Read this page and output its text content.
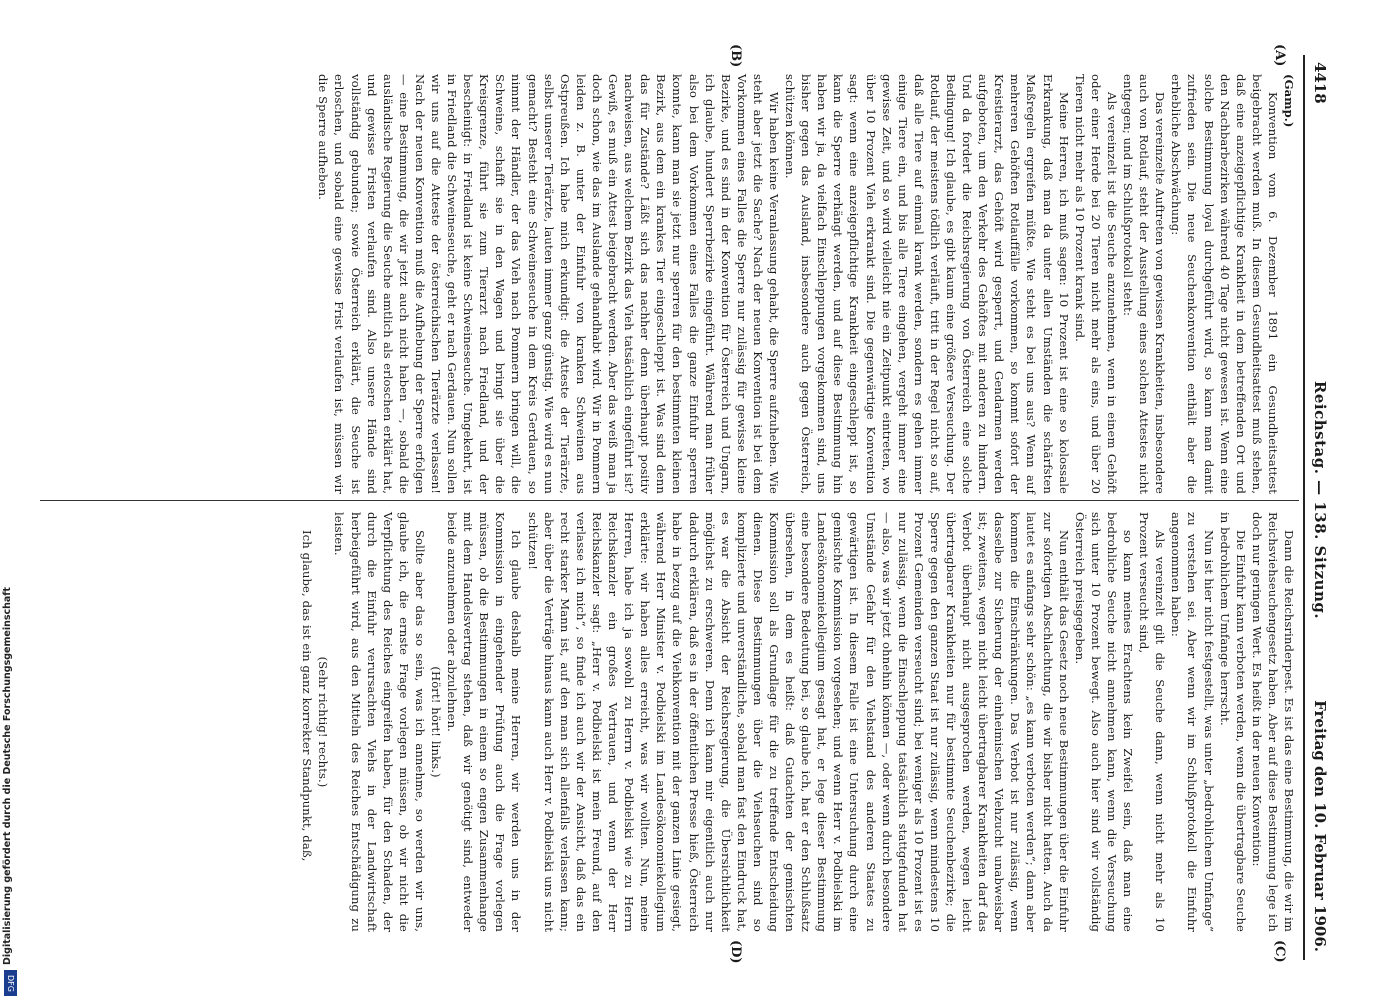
4418
Reichstag. — 138. Sitzung.
Freitag den 10. Februar 1906.
(A)
(B)
(C)
(D)

(Gamp.)

Konvention vom 6. Dezember 1891 ein Gesundheitsattest beigebracht werden muß. In diesem Gesundheitsattest muß stehen, daß eine anzeigepflichtige Krankheit in dem betreffenden Ort und den Nachbarbezirken während 40 Tage nicht gewesen ist. Wenn eine solche Bestimmung loyal durchgeführt wird, so kann man damit zufrieden sein. Die neue Seuchenkonvention enthält aber die erhebliche Abschwächung:

Das vereinzelte Auftreten von gewissen Krankheiten, insbesondere auch von Rotlauf, steht der Ausstellung eines solchen Attestes nicht entgegen; und im Schlußprotokoll steht:

Als vereinzelt ist die Seuche anzunehmen, wenn in einem Gehöft oder einer Herde bei 20 Tieren nicht mehr als eins, und über 20 Tieren nicht mehr als 10 Prozent krank sind.

Meine Herren, ich muß sagen: 10 Prozent ist eine so kolossale Erkrankung, daß man da unter allen Umständen die schärfsten Maßregeln ergreifen müßte. Wie steht es bei uns aus? Wenn auf mehreren Gehöften Rotlauffälle vorkommen, so kommt sofort der Kreistierarzt, das Gehöft wird gesperrt, und Gendarmen werden aufgeboten, um den Verkehr des Gehöftes mit anderen zu hindern. Und da fordert die Reichsregierung von Österreich eine solche Bedingung! Ich glaube, es gibt kaum eine größere Verseuchung. Der Rotlauf, der meistens tödlich verläuft, tritt in der Regel nicht so auf, daß alle Tiere auf einmal krank werden, sondern es gehen immer einige Tiere ein, und bis alle Tiere eingehen, vergeht immer eine gewisse Zeit, und so wird vielleicht nie ein Zeitpunkt eintreten, wo über 10 Prozent Vieh erkrankt sind. Die gegenwärtige Konvention sagt: wenn eine anzeigepflichtige Krankheit eingeschleppt ist, so kann die Sperre verhängt werden, und auf diese Bestimmung hin haben wir ja, da vielfach Einschleppungen vorgekommen sind, uns bisher gegen das Ausland, insbesondere auch gegen Österreich, schützen können.

Wir haben keine Veranlassung gehabt, die Sperre aufzuheben. Wie steht aber jetzt die Sache? Nach der neuen Konvention ist bei dem Vorkommen eines Falles die Sperre nur zulässig für gewisse kleine Bezirke, und es sind in der Konvention für Österreich und Ungarn, ich glaube, hundert Sperrbezirke eingeführt. Während man früher also bei dem Vorkommen eines Falles die ganze Einfuhr sperren konnte, kann man sie jetzt nur sperren für den bestimmten kleinen Bezirk, aus dem ein krankes Tier eingeschleppt ist. Was sind denn das für Zustände? Läßt sich das nachher denn überhaupt positiv nachweisen, aus welchem Bezirk das Vieh tatsächlich eingeführt ist? Gewiß, es muß ein Attest beigebracht werden. Aber das weiß man ja doch schon, wie das im Auslande gehandhabt wird. Wir in Pommern leiden z. B. unter der Einfuhr von kranken Schweinen aus Ostpreußen. Ich habe mich erkundigt: die Atteste der Tierärzte, selbst unserer Tierärzte, lauten immer ganz günstig. Wie wird es nun gemacht? Besteht eine Schweineseuche in dem Kreis Gerdauen, so nimmt der Händler, der das Vieh nach Pommern bringen will, die Schweine, schafft sie in den Wagen und bringt sie über die Kreisgrenze, führt sie zum Tierarzt nach Friedland, und der bescheinigt: in Friedland ist keine Schweineseuche. Umgekehrt, ist in Friedland die Schweineseuche, geht er nach Gerdauen. Nun sollen wir uns auf die Atteste der österreichischen Tierärzte verlassen! Nach der neuen Konvention muß die Aufhebung der Sperre erfolgen — eine Bestimmung, die wir jetzt auch nicht haben —, sobald die ausländische Regierung die Seuche amtlich als erloschen erklärt hat, und gewisse Fristen verlaufen sind. Also unsere Hände sind vollständig gebunden; sowie Österreich erklärt, die Seuche ist erloschen, und sobald eine gewisse Frist verlaufen ist, müssen wir die Sperre aufheben.

Dann die Reichsrinderpest. Es ist das eine Bestimmung, die wir im Reichsviehseuchengesetz haben. Aber auf diese Bestimmung lege ich doch nur geringen Wert. Es heißt in der neuen Konvention:

Die Einfuhr kann verboten werden, wenn die übertragbare Seuche in bedrohlichem Umfange herrscht.

Nun ist hier nicht festgestellt, was unter „bedrohlichem Umfange“ zu verstehen sei. Aber wenn wir im Schlußprotokoll die Einfuhr angenommen haben:

Als vereinzelt gilt die Seuche dann, wenn nicht mehr als 10 Prozent verseucht sind,

so kann meines Erachtens kein Zweifel sein, daß man eine bedrohliche Seuche nicht annehmen kann, wenn die Verseuchung sich unter 10 Prozent bewegt. Also auch hier sind wir vollständig Österreich preisgegeben.

Nun enthält das Gesetz noch neue Bestimmungen über die Einfuhr zur sofortigen Abschlachtung, die wir bisher nicht hatten. Auch da lautet es anfangs sehr schön: „es kann verboten werden“; dann aber kommen die Einschränkungen. Das Verbot ist nur zulässig, wenn dasselbe zur Sicherung der einheimischen Viehzucht unabweisbar ist; zweitens, wegen nicht leicht übertragbarer Krankheiten darf das Verbot überhaupt nicht ausgesprochen werden, wegen leicht übertragbarer Krankheiten nur für bestimmte Seuchenbezirke; die Sperre gegen den ganzen Staat ist nur zulässig, wenn mindestens 10 Prozent Gemeinden verseucht sind; bei weniger als 10 Prozent ist es nur zulässig, wenn die Einschleppung tatsächlich stattgefunden hat — also, was wir jetzt ohnehin können —, oder wenn durch besondere Umstände Gefahr für den Viehstand des anderen Staates zu gewärtigen ist. In diesem Falle ist eine Untersuchung durch eine gemischte Kommission vorgesehen; und wenn Herr v. Podbielski im Landesökonomiekollegium gesagt hat, er lege dieser Bestimmung eine besondere Bedeutung bei, so glaube ich, hat er den Schlußsatz übersehen, in dem es heißt: daß Gutachten der gemischten Kommission soll als Grundlage für die zu treffende Entscheidung dienen. Diese Bestimmungen über die Viehseuchen sind so komplizierte und unverständliche, sobald man fast den Eindruck hat, es war die Absicht der Reichsregierung, die Übersichtlichkeit möglichst zu erschweren. Denn ich kann mir eigentlich auch nur dadurch erklären, daß es in der öffentlichen Presse hieß, Österreich habe in bezug auf die Viehkonvention mit der ganzen Linie gesiegt, während Herr Minister v. Podbielski im Landesökonomiekollegium erklärte: wir haben alles erreicht, was wir wollten. Nun, meine Herren, habe ich ja sowohl zu Herrn v. Podbielski wie zu Herrn Reichskanzler ein großes Vertrauen, und wenn der Herr Reichskanzler sagt: „Herr v. Podbielski ist mein Freund, auf den verlasse ich mich“, so finde ich auch wir der Ansicht, daß das ein recht starker Mann ist, auf den man sich allenfalls verlassen kann; aber über die Verträge hinaus kann auch Herr v. Podbielski uns nicht schützen!

Ich glaube deshalb meine Herren, wir werden uns in der Kommission in eingehender Prüfung auch die Frage vorlegen müssen, ob die Bestimmungen in einem so engen Zusammenhange mit dem Handelsvertrag stehen, daß wir genötigt sind, entweder beide anzunehmen oder abzulehnen.

(Hört! hört! links.)

Sollte aber das so sein, was ich annehme, so werden wir uns, glaube ich, die ernste Frage vorlegen müssen, ob wir nicht die Verpflichtung des Reiches eingreifen haben, für den Schaden, der durch die Einfuhr verursachten Viehs in der Landwirtschaft herbeigeführt wird, aus den Mitteln des Reiches Entschädigung zu leisten.

(Sehr richtig! rechts.)

Ich glaube, das ist ein ganz korrekter Standpunkt, daß,

Digitalisierung gefördert durch die Deutsche Forschungsgemeinschaft
DFG
